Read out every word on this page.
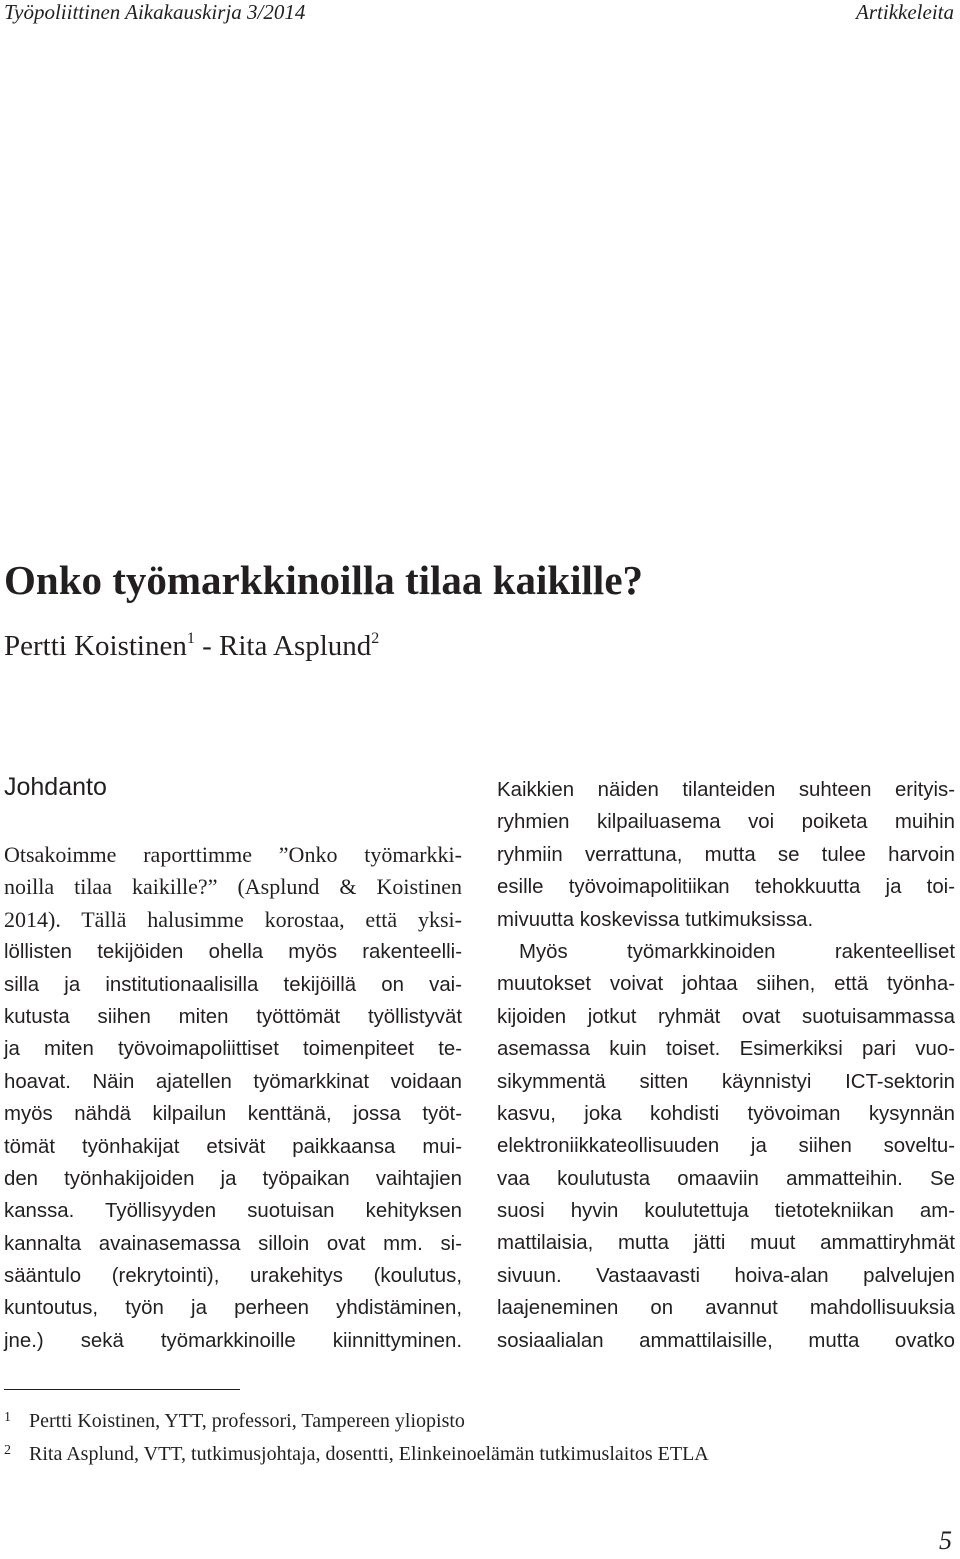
Työpoliittinen Aikakauskirja 3/2014	Artikkeleita
Onko työmarkkinoilla tilaa kaikille?
Pertti Koistinen$^1$ - Rita Asplund$^2$
Johdanto
Otsakoimme raporttimme ”Onko työmarkki-
noilla tilaa kaikille?” (Asplund & Koistinen
2014). Tällä halusimme korostaa, että yksi-
löllisten tekijöiden ohella myös rakenteelli-
silla ja institutionaalisilla tekijöillä on vai-
kutusta siihen miten työttömät työllistyvät
ja miten työvoimapoliittiset toimenpiteet te-
hoavat. Näin ajatellen työmarkkinat voidaan
myös nähdä kilpailun kenttänä, jossa työt-
tömät työnhakijat etsivät paikkaansa mui-
den työnhakijoiden ja työpaikan vaihtajien
kanssa. Työllisyyden suotuisan kehityksen
kannalta avainasemassa silloin ovat mm. si-
sääntulo (rekrytointi), urakehitys (koulutus,
kuntoutus, työn ja perheen yhdistäminen,
jne.) sekä työmarkkinoille kiinnittyminen.
Kaikkien näiden tilanteiden suhteen erityis-
ryhmien kilpailuasema voi poiketa muihin
ryhmiin verrattuna, mutta se tulee harvoin
esille työvoimapolitiikan tehokkuutta ja toi-
mivuutta koskevissa tutkimuksissa.
Myös työmarkkinoiden rakenteelliset
muutokset voivat johtaa siihen, että työnha-
kijoiden jotkut ryhmät ovat suotuisammassa
asemassa kuin toiset. Esimerkiksi pari vuo-
sikymmentä sitten käynnistyi ICT-sektorin
kasvu, joka kohdisti työvoiman kysynnän
elektroniikkateollisuuden ja siihen soveltu-
vaa koulutusta omaaviin ammatteihin. Se
suosi hyvin koulutettuja tietotekniikan am-
mattilaisia, mutta jätti muut ammattiryhmät
sivuun. Vastaavasti hoiva-alan palvelujen
laajeneminen on avannut mahdollisuuksia
sosiaalialan ammattilaisille, mutta ovatko
1 Pertti Koistinen, YTT, professori, Tampereen yliopisto
2 Rita Asplund, VTT, tutkimusjohtaja, dosentti, Elinkeinoelämän tutkimuslaitos ETLA
5
